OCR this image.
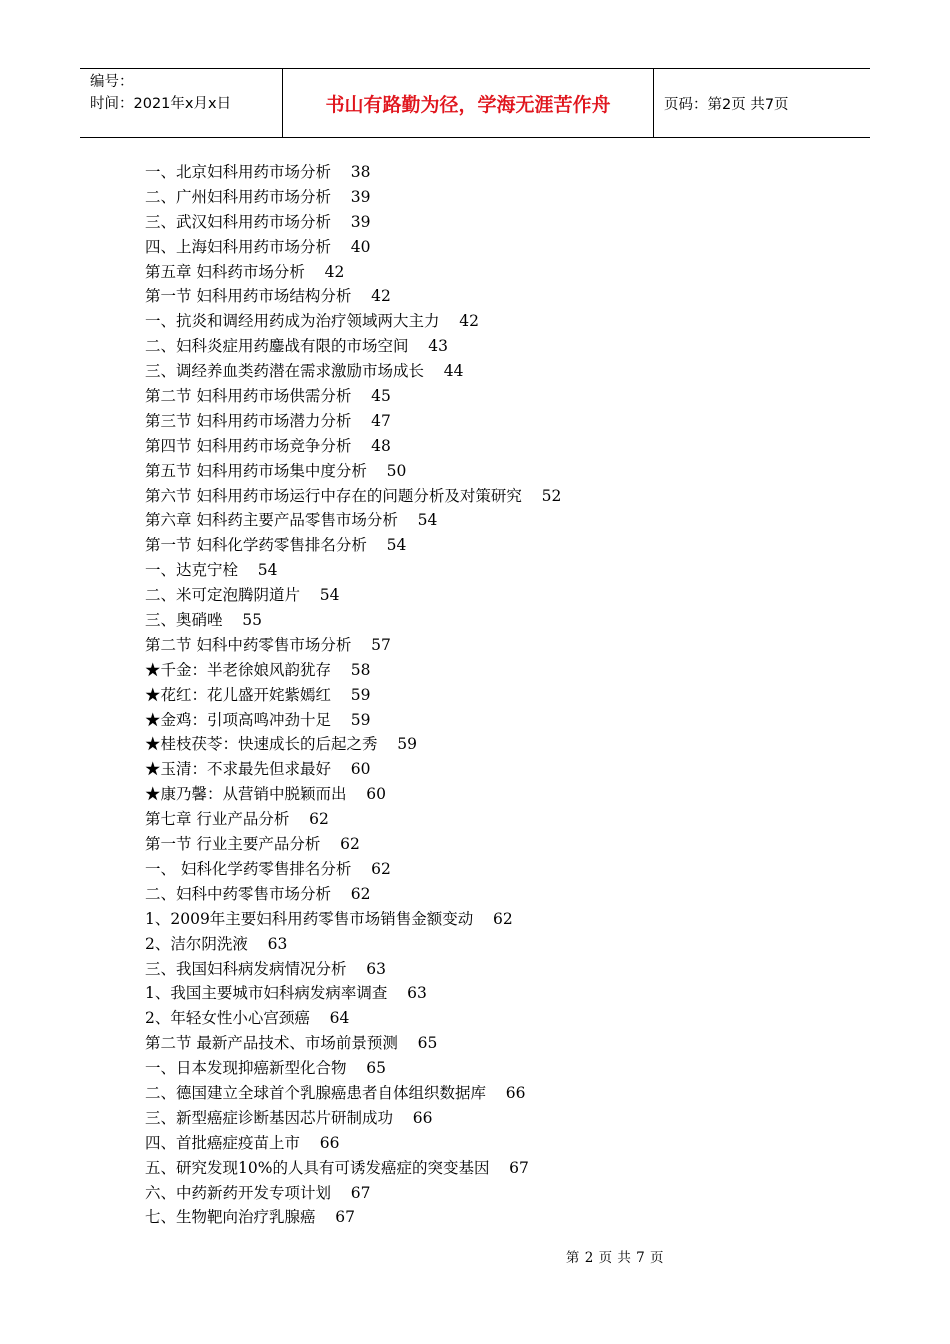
编号：
时间：2021年x月x日	书山有路勤为径，学海无涯苦作舟	页码：第2页 共7页
一、北京妇科用药市场分析 38
二、广州妇科用药市场分析 39
三、武汉妇科用药市场分析 39
四、上海妇科用药市场分析 40
第五章 妇科药市场分析 42
第一节 妇科用药市场结构分析 42
一、抗炎和调经用药成为治疗领域两大主力 42
二、妇科炎症用药鏖战有限的市场空间 43
三、调经养血类药潜在需求激励市场成长 44
第二节 妇科用药市场供需分析 45
第三节 妇科用药市场潜力分析 47
第四节 妇科用药市场竞争分析 48
第五节 妇科用药市场集中度分析 50
第六节 妇科用药市场运行中存在的问题分析及对策研究 52
第六章 妇科药主要产品零售市场分析 54
第一节 妇科化学药零售排名分析 54
一、达克宁栓 54
二、米可定泡腾阴道片 54
三、奥硝唑 55
第二节 妇科中药零售市场分析 57
★千金：半老徐娘风韵犹存 58
★花红：花儿盛开姹紫嫣红 59
★金鸡：引项高鸣冲劲十足 59
★桂枝茯苓：快速成长的后起之秀 59
★玉清：不求最先但求最好 60
★康乃馨：从营销中脱颖而出 60
第七章 行业产品分析 62
第一节 行业主要产品分析 62
一、 妇科化学药零售排名分析 62
二、妇科中药零售市场分析 62
1、2009年主要妇科用药零售市场销售金额变动 62
2、洁尔阴洗液 63
三、我国妇科病发病情况分析 63
1、我国主要城市妇科病发病率调查 63
2、年轻女性小心宫颈癌 64
第二节 最新产品技术、市场前景预测 65
一、日本发现抑癌新型化合物 65
二、德国建立全球首个乳腺癌患者自体组织数据库 66
三、新型癌症诊断基因芯片研制成功 66
四、首批癌症疫苗上市 66
五、研究发现10%的人具有可诱发癌症的突变基因 67
六、中药新药开发专项计划 67
七、生物靶向治疗乳腺癌 67
第 2 页 共 7 页
